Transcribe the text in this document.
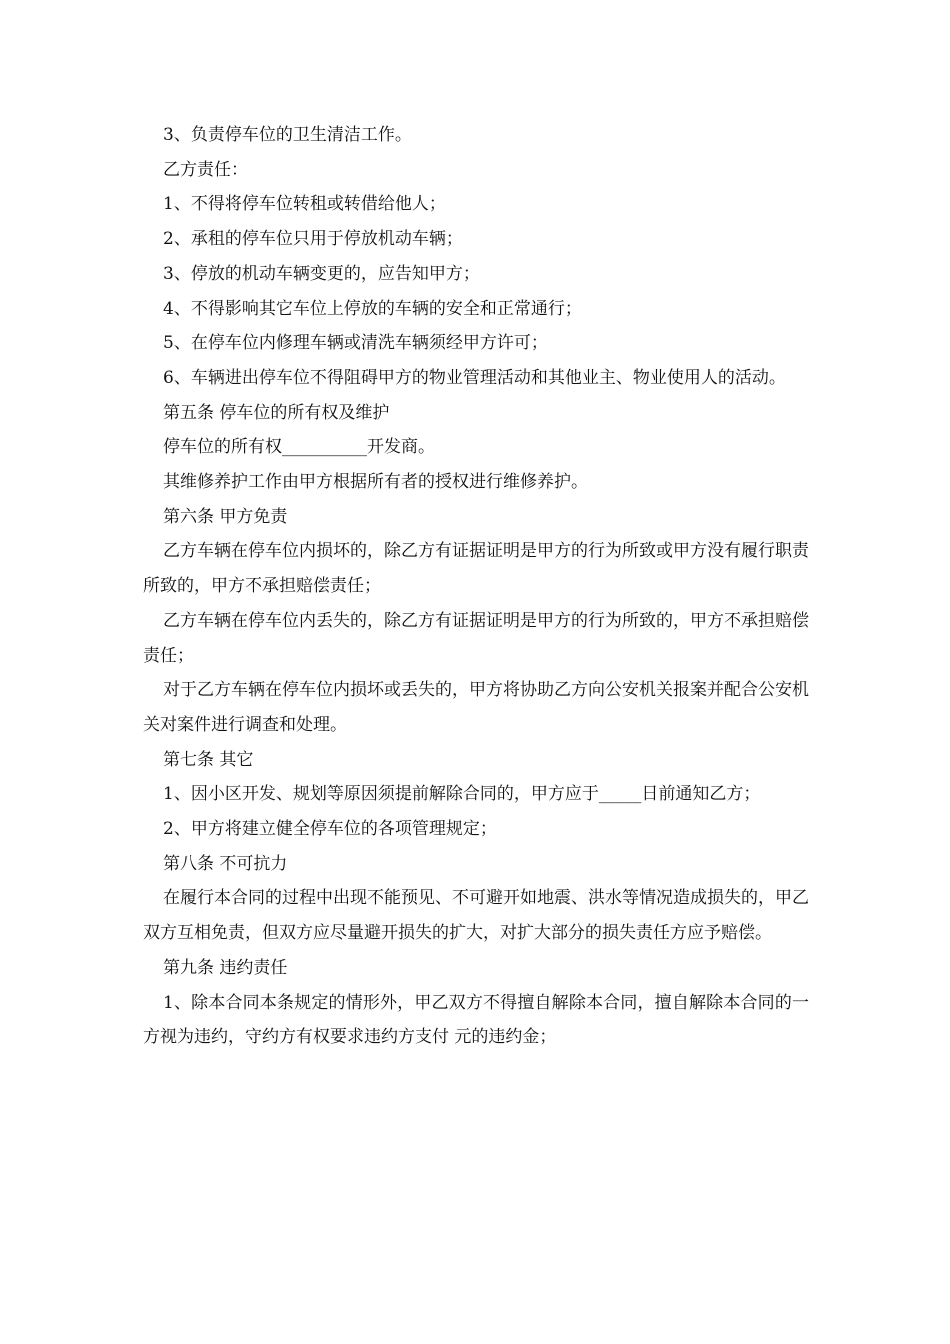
3、负责停车位的卫生清洁工作。

乙方责任：

1、不得将停车位转租或转借给他人；

2、承租的停车位只用于停放机动车辆；

3、停放的机动车辆变更的，应告知甲方；

4、不得影响其它车位上停放的车辆的安全和正常通行；

5、在停车位内修理车辆或清洗车辆须经甲方许可；

6、车辆进出停车位不得阻碍甲方的物业管理活动和其他业主、物业使用人的活动。

第五条 停车位的所有权及维护

停车位的所有权__________开发商。

其维修养护工作由甲方根据所有者的授权进行维修养护。

第六条 甲方免责

乙方车辆在停车位内损坏的，除乙方有证据证明是甲方的行为所致或甲方没有履行职责所致的，甲方不承担赔偿责任；

乙方车辆在停车位内丢失的，除乙方有证据证明是甲方的行为所致的，甲方不承担赔偿责任；

对于乙方车辆在停车位内损坏或丢失的，甲方将协助乙方向公安机关报案并配合公安机关对案件进行调查和处理。

第七条 其它

1、因小区开发、规划等原因须提前解除合同的，甲方应于_____日前通知乙方；

2、甲方将建立健全停车位的各项管理规定；

第八条 不可抗力

在履行本合同的过程中出现不能预见、不可避开如地震、洪水等情况造成损失的，甲乙双方互相免责，但双方应尽量避开损失的扩大，对扩大部分的损失责任方应予赔偿。

第九条 违约责任

1、除本合同本条规定的情形外，甲乙双方不得擅自解除本合同，擅自解除本合同的一方视为违约，守约方有权要求违约方支付 元的违约金；
